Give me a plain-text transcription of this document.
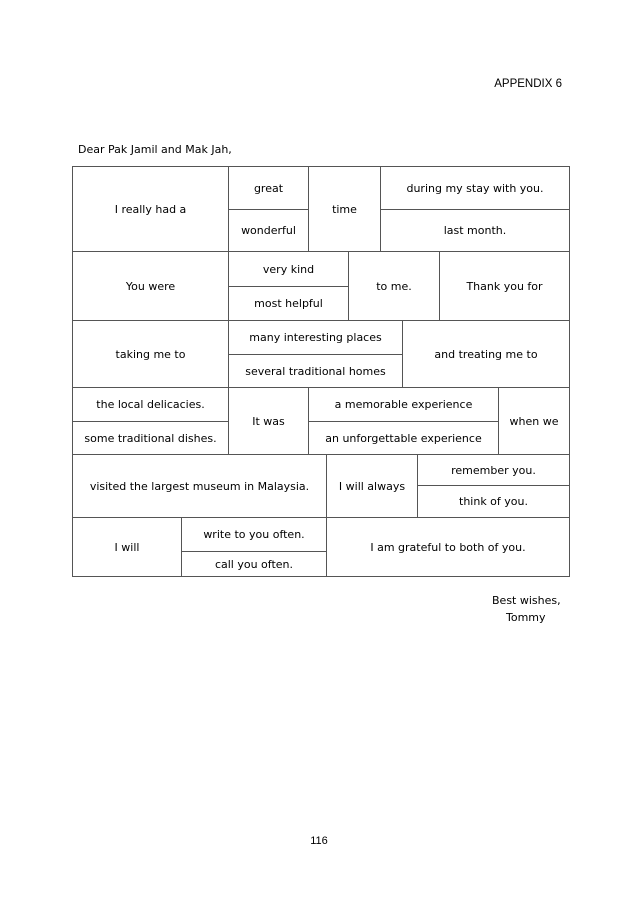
APPENDIX 6
Dear Pak Jamil and Mak Jah,
I really had a
great
wonderful
time
during my stay with you.
last month.
You were
very kind
most helpful
to me.	Thank you for
taking me to
many interesting places
several traditional homes
and treating me to
the local delicacies.
some traditional dishes.
It was
a memorable experience
an unforgettable experience
when we
visited the largest museum in Malaysia.	I will always
remember you.
think of you.
I will
write to you often.
call you often.
I am grateful to both of you.
Best wishes,
Tommy
116
